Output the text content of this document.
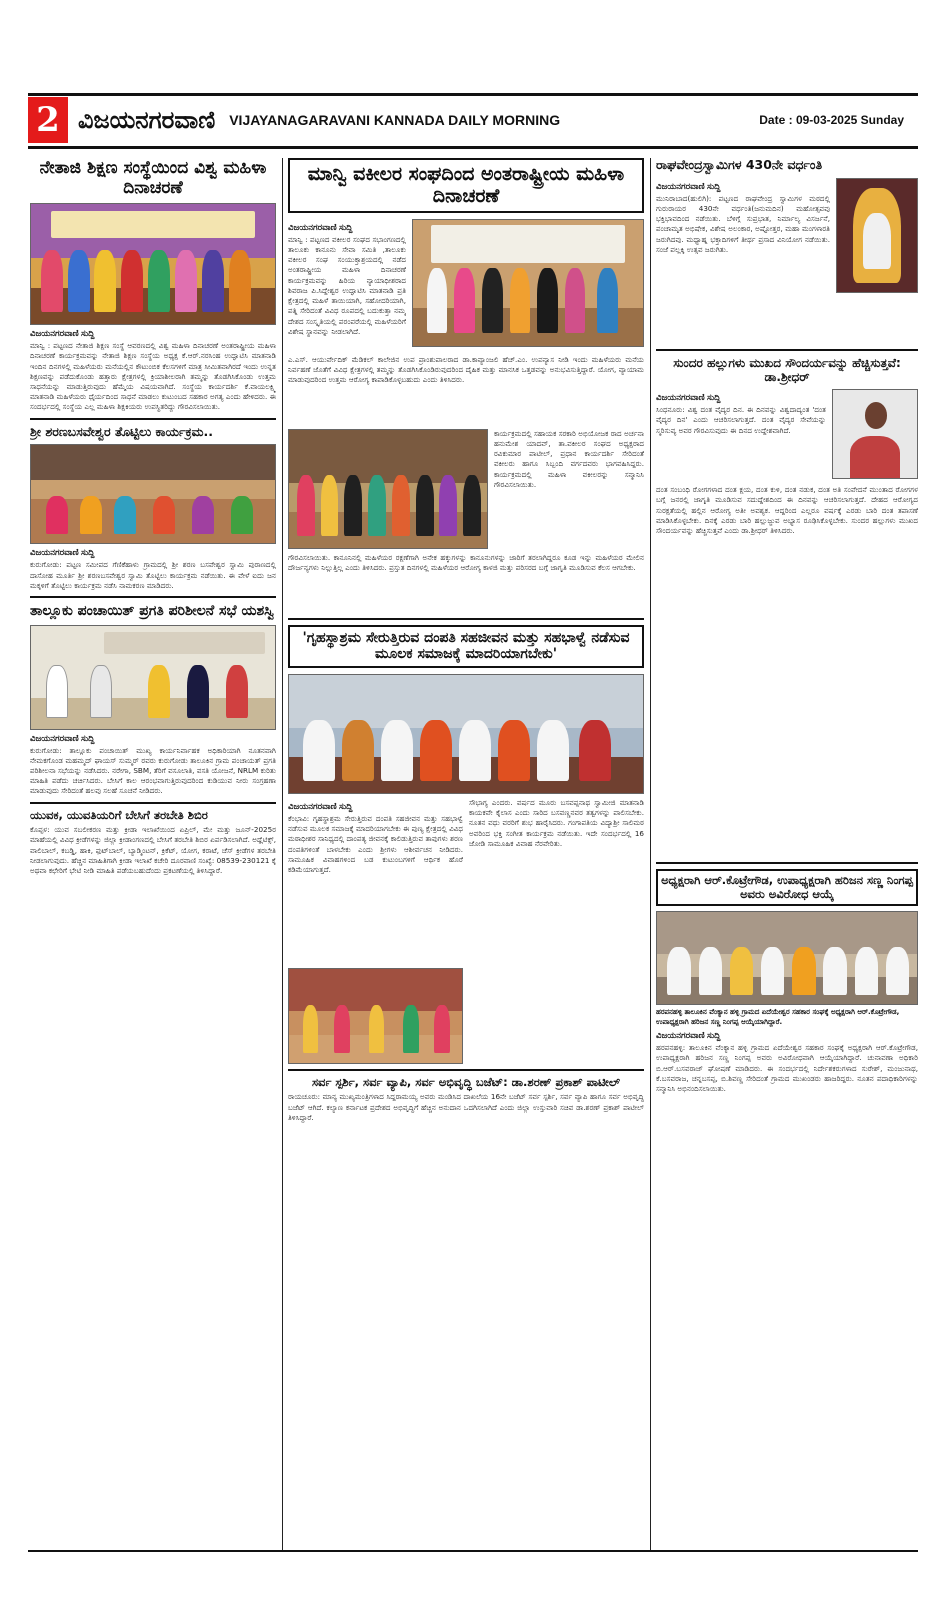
2 ವಿಜಯನಗರವಾಣಿ VIJAYANAGARAVANI KANNADA DAILY MORNING	Date : 09-03-2025 Sunday
ನೇತಾಜಿ ಶಿಕ್ಷಣ ಸಂಸ್ಥೆಯಿಂದ ವಿಶ್ವ ಮಹಿಳಾ ದಿನಾಚರಣೆ
ವಿಜಯನಗರವಾಣಿ ಸುದ್ದಿ
ಮಾನ್ವಿ : ಪಟ್ಟಣದ ನೇತಾಜಿ ಶಿಕ್ಷಣ ಸಂಸ್ಥೆ ಆವರಣದಲ್ಲಿ ವಿಶ್ವ ಮಹಿಳಾ ದಿನಾಚರಣೆ ಅಂತರಾಷ್ಟ್ರೀಯ ಮಹಿಳಾ ದಿನಾಚರಣೆ ಕಾರ್ಯಕ್ರಮವನ್ನು ನೇತಾಜಿ ಶಿಕ್ಷಣ ಸಂಸ್ಥೆಯ ಅಧ್ಯಕ್ಷ ಕೆ.ಆರ್.ನರಸಿಂಹ ಉದ್ಘಾಟಿಸಿ ಮಾತನಾಡಿ ಇಂದಿನ ದಿನಗಳಲ್ಲಿ ಮಹಿಳೆಯರು ಮನೆಯಲ್ಲಿನ ಕೌಟುಂಬಿಕ ಕೆಲಸಗಳಿಗೆ ಮಾತ್ರ ಸೀಮಿತವಾಗಿರದೆ ಇಂದು ಉನ್ನತ ಶಿಕ್ಷಣವನ್ನು ಪಡೆದುಕೊಂಡು ಹತ್ತಾರು ಕ್ಷೇತ್ರಗಳಲ್ಲಿ ಕ್ರಿಯಾಶೀಲರಾಗಿ ತಮ್ಮನ್ನು ತೊಡಗಿಸಿಕೊಂಡು ಉತ್ತಮ ಸಾಧನೆಯನ್ನು ಮಾಡುತ್ತಿರುವುದು ಹೆಮ್ಮೆಯ ವಿಷಯವಾಗಿದೆ. ಸಂಸ್ಥೆಯ ಕಾರ್ಯದರ್ಶಿ ಕೆ.ವಾಯಲಕ್ಷ್ಮಿ ಮಾತನಾಡಿ ಮಹಿಳೆಯರು ಧೈರ್ಯದಿಂದ ಸಾಧನೆ ಮಾಡಲು ಕುಟುಂಬದ ಸಹಕಾರ ಅಗತ್ಯ ಎಂದು ಹೇಳಿದರು. ಈ ಸಂದರ್ಭದಲ್ಲಿ ಸಂಸ್ಥೆಯ ಎಲ್ಲ ಮಹಿಳಾ ಶಿಕ್ಷಕಿಯರು ಉಪಸ್ಥಿತರಿದ್ದು ಗೌರವಿಸಲಾಯಿತು.
ಶ್ರೀ ಶರಣಬಸವೇಶ್ವರ ತೊಟ್ಟಿಲು ಕಾರ್ಯಕ್ರಮ..
ವಿಜಯನಗರವಾಣಿ ಸುದ್ದಿ
ಕುರುಗೋಡು: ಪಟ್ಟಣ ಸಮೀಪದ ಗೆಣಿಕೆಹಾಳು ಗ್ರಾಮದಲ್ಲಿ ಶ್ರೀ ಶರಣ ಬಸವೇಶ್ವರ ಸ್ವಾಮಿ ಪುರಾಣದಲ್ಲಿ ದಾಸೋಹ ಮೂರ್ತಿ ಶ್ರೀ ಶರಣಬಸವೇಶ್ವರ ಸ್ವಾಮಿ ತೊಟ್ಟಿಲು ಕಾರ್ಯಕ್ರಮ ನಡೆಯಿತು. ಈ ವೇಳೆ ಐದು ಜನ ಮಕ್ಕಳಿಗೆ ತೊಟ್ಟಿಲು ಕಾರ್ಯಕ್ರಮ ನಡೆಸಿ ನಾಮಕರಣ ಮಾಡಿದರು.
ತಾಲ್ಲೂಕು ಪಂಚಾಯಿತ್ ಪ್ರಗತಿ ಪರಿಶೀಲನೆ ಸಭೆ ಯಶಸ್ವಿ
ವಿಜಯನಗರವಾಣಿ ಸುದ್ದಿ
ಕುರುಗೋಡು: ತಾಲ್ಲೂಕು ಪಂಚಾಯಿತ್ ಮುಖ್ಯ ಕಾರ್ಯನಿರ್ವಾಹಕ ಅಧಿಕಾರಿಯಾಗಿ ನೂತನವಾಗಿ ನೇಮಕಗೊಂಡ ಮಹಮ್ಮದ್ ಘಾಯಸ್ ಸುಮ್ಮರ್ ರವರು ಕುರುಗೋಡು ತಾಲೂಕಿನ ಗ್ರಾಮ ಪಂಚಾಯತ್ ಪ್ರಗತಿ ಪರಿಶೀಲನಾ ಸಭೆಯನ್ನು ನಡೆಸಿದರು. ನರೇಗಾ, SBM, ತೆರಿಗೆ ವಸೂಲಾತಿ, ವಸತಿ ಯೋಜನೆ, NRLM ಕುರಿತು ಮಾಹಿತಿ ಪಡೆದು ಚರ್ಚಿಸಿದರು. ಬೇಸಿಗೆ ಕಾಲ ಆರಂಭವಾಗುತ್ತಿರುವುದರಿಂದ ಕುಡಿಯುವ ನೀರು ಸಂಗ್ರಹಣಾ ಮಾಡುವುದು ಸೇರಿದಂತೆ ಹಲವು ಸಲಹೆ ಸೂಚನೆ ನೀಡಿದರು.
ಯುವಕ, ಯುವತಿಯರಿಗೆ ಬೇಸಿಗೆ ತರಬೇತಿ ಶಿಬಿರ
ಕೊಪ್ಪಳ: ಯುವ ಸಬಲೀಕರಣ ಮತ್ತು ಕ್ರೀಡಾ ಇಲಾಖೆಯಿಂದ ಏಪ್ರಿಲ್, ಮೇ ಮತ್ತು ಜೂನ್-2025ರ ಮಾಹೆಯಲ್ಲಿ ವಿವಿಧ ಕ್ರೀಡೆಗಳನ್ನು ಜಿಲ್ಲಾ ಕ್ರೀಡಾಂಗಣದಲ್ಲಿ ಬೇಸಿಗೆ ತರಬೇತಿ ಶಿಬಿರ ಏರ್ಪಡಿಸಲಾಗಿದೆ. ಅಥ್ಲೆಟಿಕ್ಸ್, ವಾಲಿಬಾಲ್, ಕಬಡ್ಡಿ, ಹಾಕಿ, ಫುಟ್‌ಬಾಲ್, ಬ್ಯಾಡ್ಮಿಂಟನ್, ಕ್ರಿಕೆಟ್, ಯೋಗ, ಕರಾಟೆ, ಚೆಸ್ ಕ್ರೀಡೆಗಳ ತರಬೇತಿ ನೀಡಲಾಗುವುದು. ಹೆಚ್ಚಿನ ಮಾಹಿತಿಗಾಗಿ ಕ್ರೀಡಾ ಇಲಾಖೆ ಕಚೇರಿ ದೂರವಾಣಿ ಸಂಖ್ಯೆ: 08539-230121 ಕ್ಕೆ ಅಥವಾ ಕಛೇರಿಗೆ ಭೇಟಿ ನೀಡಿ ಮಾಹಿತಿ ಪಡೆಯಬಹುದೆಂದು ಪ್ರಕಟಣೆಯಲ್ಲಿ ತಿಳಿಸಿದ್ದಾರೆ.
ಮಾನ್ವಿ ವಕೀಲರ ಸಂಘದಿಂದ ಅಂತರಾಷ್ಟ್ರೀಯ ಮಹಿಳಾ ದಿನಾಚರಣೆ
ವಿಜಯನಗರವಾಣಿ ಸುದ್ದಿ
ಮಾನ್ವಿ : ಪಟ್ಟಣದ ವಕೀಲರ ಸಂಘದ ಸಭಾಂಗಣದಲ್ಲಿ ತಾಲೂಕು ಕಾನೂನು ಸೇವಾ ಸಮಿತಿ ,ತಾಲೂಕು ವಕೀಲರ ಸಂಘ ಸಂಯುಕ್ತಾಶ್ರಯದಲ್ಲಿ ನಡೆದ ಅಂತರಾಷ್ಟ್ರೀಯ ಮಹಿಳಾ ದಿನಾಚರಣೆ ಕಾರ್ಯಕ್ರಮವನ್ನು ಹಿರಿಯ ನ್ಯಾಯಾಧೀಶರಾದ ಶಿವರಾಜ ಪಿ.ಸಿದ್ದೇಶ್ವರ ಉದ್ಘಾಟಿಸಿ ಮಾತನಾಡಿ ಪ್ರತಿ ಕ್ಷೇತ್ರದಲ್ಲಿ ಮಹಿಳೆ ತಾಯಿಯಾಗಿ, ಸಹೋದರಿಯಾಗಿ, ಪತ್ನಿ ಸೇರಿದಂತೆ ವಿವಿಧ ರೂಪದಲ್ಲಿ ಬದುಕುತ್ತಾ ನಮ್ಮ ದೇಶದ ಸಂಸ್ಕೃತಿಯಲ್ಲಿ ಪರಂಪರೆಯಲ್ಲಿ ಮಹಿಳೆಯರಿಗೆ ವಿಶೇಷ ಸ್ಥಾನವನ್ನು ನೀಡಲಾಗಿದೆ.
ಎ.ಎಸ್. ಆಯುರ್ವೇದಿಕ್ ಮೆಡಿಕಲ್ ಕಾಲೇಜಿನ ಉಪ ಪ್ರಾಂಶುಪಾಲರಾದ ಡಾ.ಕಾವ್ಯಾಂಜಲಿ ಹೆಚ್.ಎಂ. ಉಪನ್ಯಾಸ ನೀಡಿ ಇಂದು ಮಹಿಳೆಯರು ಮನೆಯ ನಿರ್ವಹಣೆ ಜೊತೆಗೆ ವಿವಿಧ ಕ್ಷೇತ್ರಗಳಲ್ಲಿ ತಮ್ಮನ್ನು ತೊಡಗಿಸಿಕೊಂಡಿರುವುದರಿಂದ ದೈಹಿಕ ಮತ್ತು ಮಾನಸಿಕ ಒತ್ತಡವನ್ನು ಅನುಭವಿಸುತ್ತಿದ್ದಾರೆ. ಯೋಗ, ವ್ಯಾಯಾಮ ಮಾಡುವುದರಿಂದ ಉತ್ತಮ ಆರೋಗ್ಯ ಕಾಪಾಡಿಕೊಳ್ಳಬಹುದು ಎಂದು ತಿಳಿಸಿದರು.
ಕಾರ್ಯಕ್ರಮದಲ್ಲಿ ಸಹಾಯಕ ಸರಕಾರಿ ಅಭಿಯೋಜಕ ರಾದ ಅರ್ಚನಾ ಹನುಮೇಶ ಯಾದವ್, ತಾ.ವಕೀಲರ ಸಂಘದ ಅಧ್ಯಕ್ಷರಾದ ರವಿಕುಮಾರ ಪಾಟೀಲ್, ಪ್ರಧಾನ ಕಾರ್ಯದರ್ಶಿ ಸೇರಿದಂತೆ ವಕೀಲರು ಹಾಗೂ ಸಿಬ್ಬಂದಿ ವರ್ಗದವರು ಭಾಗವಹಿಸಿದ್ದರು. ಕಾರ್ಯಕ್ರಮದಲ್ಲಿ ಮಹಿಳಾ ವಕೀಲರನ್ನು ಸನ್ಮಾನಿಸಿ ಗೌರವಿಸಲಾಯಿತು.
ಗೌರವಿಸಲಾಯಿತು. ಕಾನೂನಿನಲ್ಲಿ ಮಹಿಳೆಯರ ರಕ್ಷಣೆಗಾಗಿ ಅನೇಕ ಹಕ್ಕುಗಳನ್ನು ಕಾನೂನುಗಳನ್ನು ಜಾರಿಗೆ ತರಲಾಗಿದ್ದರೂ ಕೂಡ ಇನ್ನು ಮಹಿಳೆಯರ ಮೇಲಿನ ದೌರ್ಜನ್ಯಗಳು ನಿಲ್ಲುತ್ತಿಲ್ಲ ಎಂದು ತಿಳಿಸಿದರು. ಪ್ರಸ್ತುತ ದಿನಗಳಲ್ಲಿ ಮಹಿಳೆಯರ ಆರೋಗ್ಯ ಕಾಳಜಿ ಮತ್ತು ಪರಿಸರದ ಬಗ್ಗೆ ಜಾಗೃತಿ ಮೂಡಿಸುವ ಕೆಲಸ ಆಗಬೇಕು.
'ಗೃಹಸ್ಥಾಶ್ರಮ ಸೇರುತ್ತಿರುವ ದಂಪತಿ ಸಹಜೀವನ ಮತ್ತು ಸಹಭಾಳ್ವೆ ನಡೆಸುವ ಮೂಲಕ ಸಮಾಜಕ್ಕೆ ಮಾದರಿಯಾಗಬೇಕು'
ವಿಜಯನಗರವಾಣಿ ಸುದ್ದಿ
ಕೆಂಭಾವಿ: ಗೃಹಸ್ಥಾಶ್ರಮ ಸೇರುತ್ತಿರುವ ದಂಪತಿ ಸಹಜೀವನ ಮತ್ತು ಸಹಭಾಳ್ವೆ ನಡೆಸುವ ಮೂಲಕ ಸಮಾಜಕ್ಕೆ ಮಾದರಿಯಾಗಬೇಕು ಈ ಪುಣ್ಯ ಕ್ಷೇತ್ರದಲ್ಲಿ ವಿವಿಧ ಮಠಾಧೀಶರ ಸಾನಿಧ್ಯದಲ್ಲಿ ದಾಂಪತ್ಯ ಜೀವನಕ್ಕೆ ಕಾಲಿಡುತ್ತಿರುವ ತಾವುಗಳು ಶರಣ ದಂಪತಿಗಳಿಂತೆ ಬಾಳಬೇಕು ಎಂದು ಶ್ರೀಗಳು ಆಶೀರ್ವಚನ ನೀಡಿದರು. ಸಾಮೂಹಿಕ ವಿವಾಹಗಳಿಂದ ಬಡ ಕುಟುಂಬಗಳಿಗೆ ಆರ್ಥಿಕ ಹೊರೆ ಕಡಿಮೆಯಾಗುತ್ತದೆ.
ಸೌಭಾಗ್ಯ ಎಂದರು. ವರ್ಷದ ಮೂರು ಬಸವಪ್ಪನಾಥ ಸ್ವಾಮೀಜಿ ಮಾತನಾಡಿ ಕಾಯಕವೇ ಕೈಲಾಸ ಎಂದು ಸಾರಿದ ಬಸವಣ್ಣನವರ ತತ್ವಗಳನ್ನು ಪಾಲಿಸಬೇಕು. ನೂತನ ವಧು ವರರಿಗೆ ಶುಭ ಹಾರೈಸಿದರು. ಗಂಗಾಪತಿಯ ವಿದ್ಯಾಶ್ರೀ ಸಾಲಿಮಠ ಅವರಿಂದ ಭಕ್ತಿ ಸಂಗೀತ ಕಾರ್ಯಕ್ರಮ ನಡೆಯಿತು. ಇದೇ ಸಂದರ್ಭದಲ್ಲಿ 16 ಜೋಡಿ ಸಾಮೂಹಿಕ ವಿವಾಹ ನೆರವೇರಿತು.
ಸರ್ವ ಸ್ಪರ್ಶಿ, ಸರ್ವ ವ್ಯಾಪಿ, ಸರ್ವ ಅಭಿವೃದ್ಧಿ ಬಜೆಟ್: ಡಾ.ಶರಣ್ ಪ್ರಕಾಶ್ ಪಾಟೀಲ್
ರಾಯಚೂರು: ಮಾನ್ಯ ಮುಖ್ಯಮಂತ್ರಿಗಳಾದ ಸಿದ್ದರಾಮಯ್ಯ ಅವರು ಮಂಡಿಸಿದ ದಾಖಲೆಯ 16ನೇ ಬಜೆಟ್ ಸರ್ವ ಸ್ಪರ್ಶಿ, ಸರ್ವ ವ್ಯಾಪಿ ಹಾಗೂ ಸರ್ವ ಅಭಿವೃದ್ಧಿ ಬಜೆಟ್ ಆಗಿದೆ. ಕಲ್ಯಾಣ ಕರ್ನಾಟಕ ಪ್ರದೇಶದ ಅಭಿವೃದ್ಧಿಗೆ ಹೆಚ್ಚಿನ ಅನುದಾನ ಒದಗಿಸಲಾಗಿದೆ ಎಂದು ಜಿಲ್ಲಾ ಉಸ್ತುವಾರಿ ಸಚಿವ ಡಾ.ಶರಣ್ ಪ್ರಕಾಶ್ ಪಾಟೀಲ್ ತಿಳಿಸಿದ್ದಾರೆ.
ರಾಘವೇಂದ್ರಸ್ವಾಮಿಗಳ 430ನೇ ವರ್ಧಂತಿ
ವಿಜಯನಗರವಾಣಿ ಸುದ್ದಿ
ಮುನಿರಾಬಾದ(ಹುಲಿಗಿ): ಪಟ್ಟಣದ ರಾಘವೇಂದ್ರ ಸ್ವಾಮಿಗಳ ಮಠದಲ್ಲಿ ಗುರುರಾಯರ 430ನೇ ವರ್ಧಂತಿ(ಜನುಮದಿನ) ಮಹೋತ್ಸವವು ಭಕ್ತಿಭಾವದಿಂದ ನಡೆಯಿತು. ಬೆಳಿಗ್ಗೆ ಸುಪ್ರಭಾತ, ನಿರ್ಮಾಲ್ಯ ವಿಸರ್ಜನೆ, ಪಂಚಾಮೃತ ಅಭಿಷೇಕ, ವಿಶೇಷ ಅಲಂಕಾರ, ಅಷ್ಟೋತ್ತರ, ಮಹಾ ಮಂಗಳಾರತಿ ಜರುಗಿದವು. ಮಧ್ಯಾಹ್ನ ಭಕ್ತಾದಿಗಳಿಗೆ ತೀರ್ಥ ಪ್ರಸಾದ ವಿನಿಯೋಗ ನಡೆಯಿತು. ಸಂಜೆ ಪಲ್ಲಕ್ಕಿ ಉತ್ಸವ ಜರುಗಿತು.
ಸುಂದರ ಹಲ್ಲುಗಳು ಮುಖದ ಸೌಂದರ್ಯವನ್ನು ಹೆಚ್ಚಿಸುತ್ತವೆ: ಡಾ.ಶ್ರೀಧರ್
ವಿಜಯನಗರವಾಣಿ ಸುದ್ದಿ
ಸಿಂಧನೂರು: ವಿಶ್ವ ದಂತ ವೈದ್ಯರ ದಿನ. ಈ ದಿನವನ್ನು ವಿಶ್ವದಾದ್ಯಂತ 'ದಂತ ವೈದ್ಯರ ದಿನ' ಎಂದು ಆಚರಿಸಲಾಗುತ್ತದೆ. ದಂತ ವೈದ್ಯರ ಸೇವೆಯನ್ನು ಸ್ಮರಿಸುವ್ಯ ಅವರ ಗೌರವಿಸುವುದು ಈ ದಿನದ ಉದ್ದೇಶವಾಗಿದೆ.
ದಂತ ಸಂಬಂಧಿ ರೋಗಗಳಾದ ದಂತ ಕ್ಷಯ, ದಂತ ಕುಳಿ, ದಂತ ನಡುಕ, ದಂತ ಅತಿ ಸಂವೇದನೆ ಮುಂತಾದ ರೋಗಗಳ ಬಗ್ಗೆ ಜನರಲ್ಲಿ ಜಾಗೃತಿ ಮೂಡಿಸುವ ಸದುದ್ದೇಶದಿಂದ ಈ ದಿನವನ್ನು ಆಚರಿಸಲಾಗುತ್ತದೆ. ದೇಹದ ಆರೋಗ್ಯದ ಸುರಕ್ಷತೆಯಲ್ಲಿ ಹಲ್ಲಿನ ಆರೋಗ್ಯ ಅತೀ ಅವಶ್ಯಕ. ಆದ್ದರಿಂದ ಎಲ್ಲರೂ ವರ್ಷಕ್ಕೆ ಎರಡು ಬಾರಿ ದಂತ ತಪಾಸಣೆ ಮಾಡಿಸಿಕೊಳ್ಳಬೇಕು. ದಿನಕ್ಕೆ ಎರಡು ಬಾರಿ ಹಲ್ಲುಜ್ಜುವ ಅಭ್ಯಾಸ ರೂಢಿಸಿಕೊಳ್ಳಬೇಕು. ಸುಂದರ ಹಲ್ಲುಗಳು ಮುಖದ ಸೌಂದರ್ಯವನ್ನು ಹೆಚ್ಚಿಸುತ್ತವೆ ಎಂದು ಡಾ.ಶ್ರೀಧರ್ ತಿಳಿಸಿದರು.
ಅಧ್ಯಕ್ಷರಾಗಿ ಆರ್.ಕೊಟ್ರೇಗೌಡ, ಉಪಾಧ್ಯಕ್ಷರಾಗಿ ಹರಿಜನ ಸಣ್ಣ ನಿಂಗಪ್ಪ ಅವರು ಅವಿರೋಧ ಆಯ್ಕೆ
ಹರಪನಹಳ್ಳಿ ತಾಲೂಕಿನ ವೆಂಕ್ಯಾನ ಹಳ್ಳಿ ಗ್ರಾಮದ ಏದೆಯೇಶ್ವರ ಸಹಕಾರ ಸಂಘಕ್ಕೆ ಅಧ್ಯಕ್ಷರಾಗಿ ಆರ್.ಕೊಟ್ರೇಗೌಡ, ಉಪಾಧ್ಯಕ್ಷರಾಗಿ ಹರಿಜನ ಸಣ್ಣ ನಿಂಗಪ್ಪ ಆಯ್ಕೆಯಾಗಿದ್ದಾರೆ.
ವಿಜಯನಗರವಾಣಿ ಸುದ್ದಿ
ಹರಪನಹಳ್ಳಿ: ತಾಲೂಕಿನ ವೆಂಕ್ಯಾನ ಹಳ್ಳಿ ಗ್ರಾಮದ ಏದೆಯೇಶ್ವರ ಸಹಕಾರ ಸಂಘಕ್ಕೆ ಅಧ್ಯಕ್ಷರಾಗಿ ಆರ್.ಕೊಟ್ರೇಗೌಡ, ಉಪಾಧ್ಯಕ್ಷರಾಗಿ ಹರಿಜನ ಸಣ್ಣ ನಿಂಗಪ್ಪ ಅವರು ಅವಿರೋಧವಾಗಿ ಆಯ್ಕೆಯಾಗಿದ್ದಾರೆ. ಚುನಾವಣಾ ಅಧಿಕಾರಿ ಬಿ.ಆರ್.ಬಸವರಾಜ್ ಘೋಷಣೆ ಮಾಡಿದರು. ಈ ಸಂದರ್ಭದಲ್ಲಿ ನಿರ್ದೇಶಕರುಗಳಾದ ಸುರೇಶ್, ಮಂಜುನಾಥ, ಕೆ.ಬಸವರಾಜ, ಚನ್ನಬಸಪ್ಪ, ಬಿ.ಶಿವಣ್ಣ ಸೇರಿದಂತೆ ಗ್ರಾಮದ ಮುಖಂಡರು ಹಾಜರಿದ್ದರು. ನೂತನ ಪದಾಧಿಕಾರಿಗಳನ್ನು ಸನ್ಮಾನಿಸಿ ಅಭಿನಂದಿಸಲಾಯಿತು.
